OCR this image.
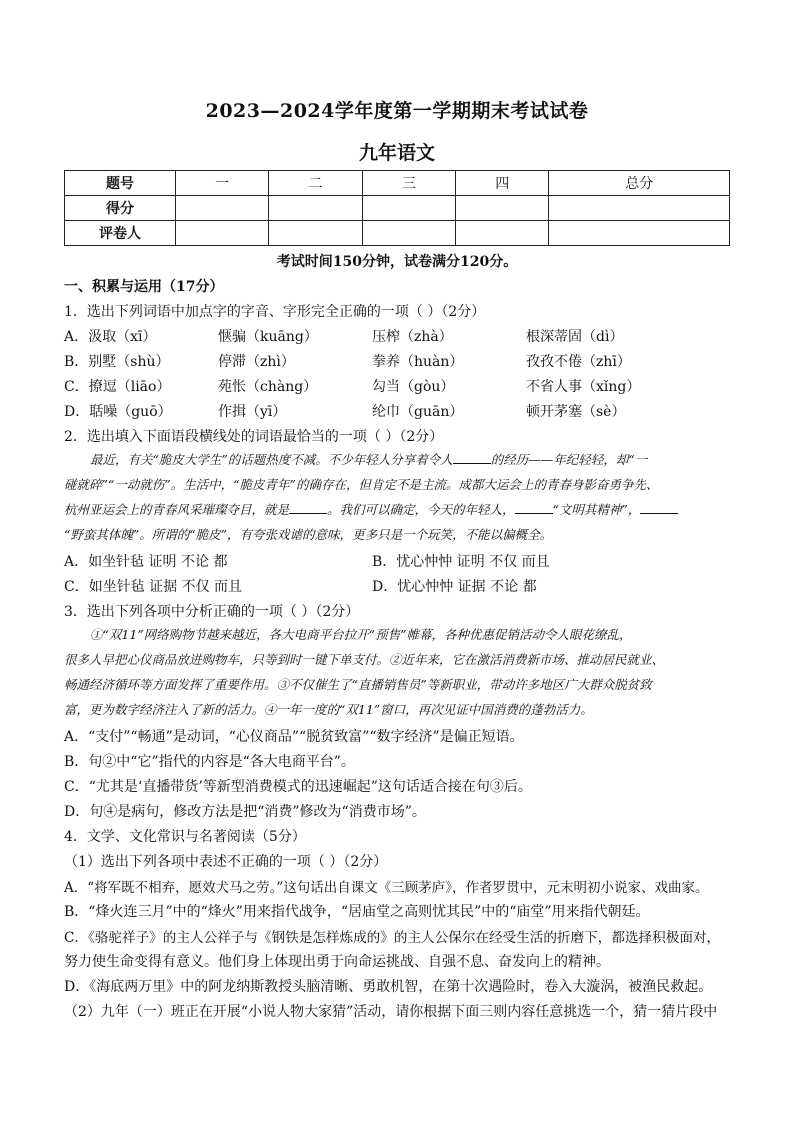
2023—2024学年度第一学期期末考试试卷
九年语文
题号	一	二	三	四	总分
得分					
评卷人					
考试时间150分钟，试卷满分120分。
一、积累与运用（17分）
1．选出下列词语中加点字的字音、字形完全正确的一项（ ）（2分）
A．汲取（xī）	惬骗（kuāng）	压榨（zhà）	根深蒂固（dì）
B．别墅（shù）	停滞（zhì）	拳养（huàn）	孜孜不倦（zhī）
C．撩逗（liāo）	苑怅（chàng）	勾当（gòu）	不省人事（xǐng）
D．聒噪（guō）	作揖（yī）	纶巾（guān）	顿开茅塞（sè）
2．选出填入下面语段横线处的词语最恰当的一项（ ）（2分）
最近，有关“脆皮大学生”的话题热度不减。不少年轻人分享着令人	的经历——年纪轻轻，却“一
碰就碎”“一动就伤”。生活中，“脆皮青年”的确存在，但肯定不是主流。成都大运会上的青春身影奋勇争先、
杭州亚运会上的青春风采璀璨夺目，就是	。我们可以确定，今天的年轻人，	“文明其精神”，
“野蛮其体魄”。所谓的“脆皮”，有夸张戏谑的意味，更多只是一个玩笑，不能以偏概全。
A．如坐针毡 证明 不论 都	B．忧心忡忡 证明 不仅 而且
C．如坐针毡 证据 不仅 而且	D．忧心忡忡 证据 不论 都
3．选出下列各项中分析正确的一项（ ）（2分）
①“双11”网络购物节越来越近，各大电商平台拉开“预售”帷幕，各种优惠促销活动令人眼花缭乱，
很多人早把心仪商品放进购物车，只等到时一键下单支付。②近年来，它在激活消费新市场、推动居民就业、
畅通经济循环等方面发挥了重要作用。③不仅催生了“直播销售员”等新职业，带动许多地区广大群众脱贫致
富，更为数字经济注入了新的活力。④一年一度的“双11”窗口，再次见证中国消费的蓬勃活力。
A．“支付”“畅通”是动词，“心仪商品”“脱贫致富”“数字经济”是偏正短语。
B．句②中“它”指代的内容是“各大电商平台”。
C．“尤其是‘直播带货’等新型消费模式的迅速崛起”这句话适合接在句③后。
D．句④是病句，修改方法是把“消费”修改为“消费市场”。
4．文学、文化常识与名著阅读（5分）
（1）选出下列各项中表述不正确的一项（ ）（2分）
A．“将军既不相弃，愿效犬马之劳。”这句话出自课文《三顾茅庐》，作者罗贯中，元末明初小说家、戏曲家。
B．“烽火连三月”中的“烽火”用来指代战争，“居庙堂之高则忧其民”中的“庙堂”用来指代朝廷。
C．《骆驼祥子》的主人公祥子与《钢铁是怎样炼成的》的主人公保尔在经受生活的折磨下，都选择积极面对，
努力使生命变得有意义。他们身上体现出勇于向命运挑战、自强不息、奋发向上的精神。
D．《海底两万里》中的阿龙纳斯教授头脑清晰、勇敢机智，在第十次遇险时，卷入大漩涡，被渔民救起。
（2）九年（一）班正在开展“小说人物大家猜”活动，请你根据下面三则内容任意挑选一个，猜一猜片段中
